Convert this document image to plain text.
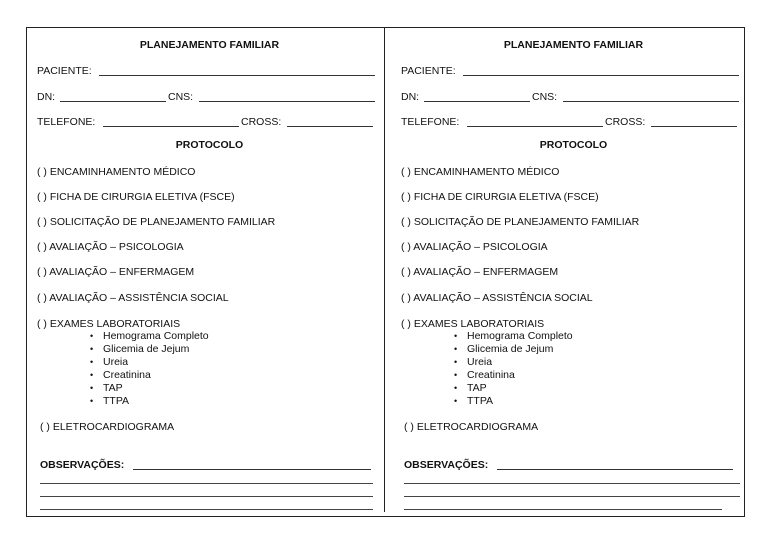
PLANEJAMENTO FAMILIAR
PACIENTE:
DN:	CNS:
TELEFONE:	CROSS:
PROTOCOLO
( ) ENCAMINHAMENTO MÉDICO
( ) FICHA DE CIRURGIA ELETIVA (FSCE)
( ) SOLICITAÇÃO DE PLANEJAMENTO FAMILIAR
( ) AVALIAÇÃO – PSICOLOGIA
( ) AVALIAÇÃO – ENFERMAGEM
( ) AVALIAÇÃO – ASSISTÊNCIA SOCIAL
( ) EXAMES LABORATORIAIS
• Hemograma Completo
• Glicemia de Jejum
• Ureia
• Creatinina
• TAP
• TTPA
( ) ELETROCARDIOGRAMA
OBSERVAÇÕES:
PLANEJAMENTO FAMILIAR
PACIENTE:
DN:	CNS:
TELEFONE:	CROSS:
PROTOCOLO
( ) ENCAMINHAMENTO MÉDICO
( ) FICHA DE CIRURGIA ELETIVA (FSCE)
( ) SOLICITAÇÃO DE PLANEJAMENTO FAMILIAR
( ) AVALIAÇÃO – PSICOLOGIA
( ) AVALIAÇÃO – ENFERMAGEM
( ) AVALIAÇÃO – ASSISTÊNCIA SOCIAL
( ) EXAMES LABORATORIAIS
• Hemograma Completo
• Glicemia de Jejum
• Ureia
• Creatinina
• TAP
• TTPA
( ) ELETROCARDIOGRAMA
OBSERVAÇÕES:
